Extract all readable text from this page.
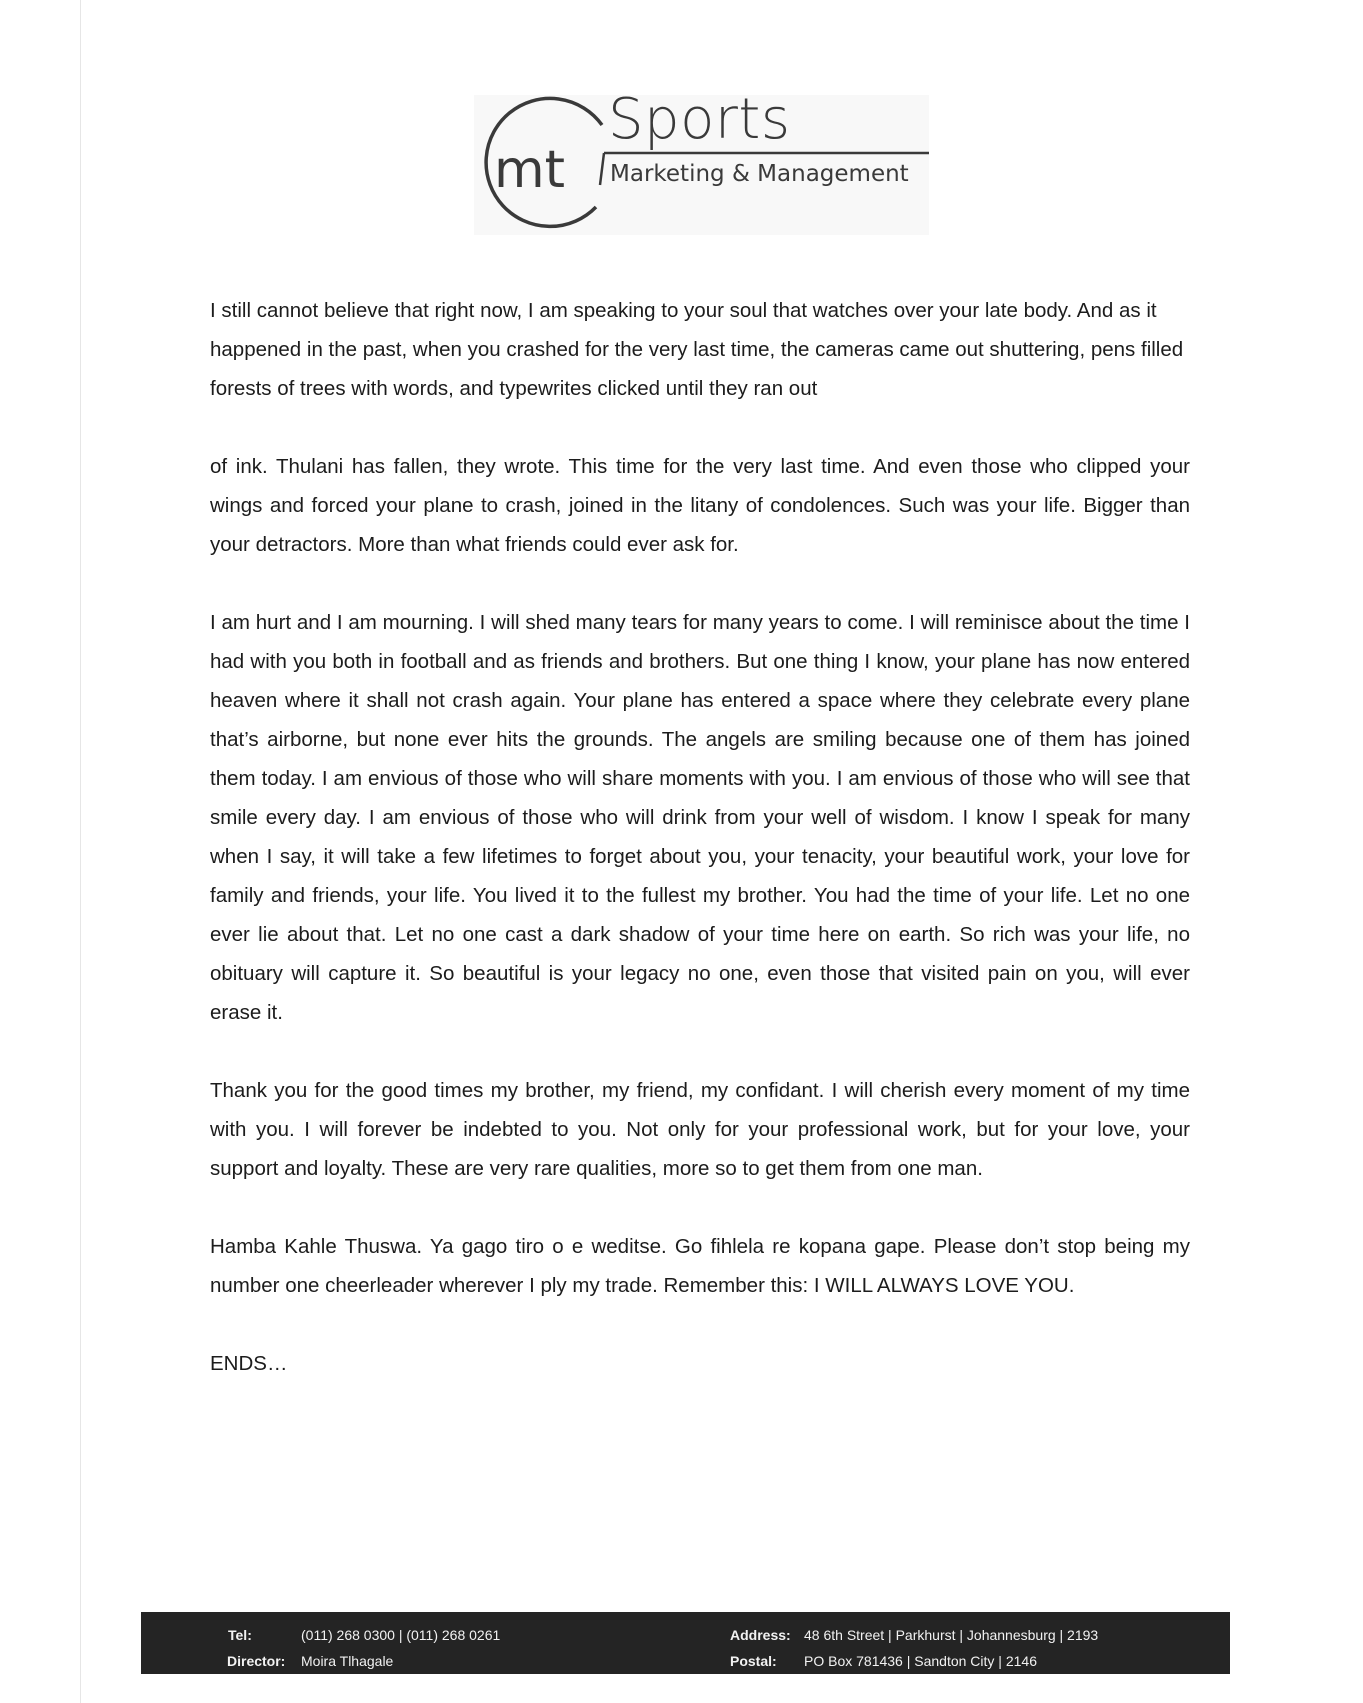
mt
Sports
Marketing & Management

I still cannot believe that right now, I am speaking to your soul that watches over your late body. And as it happened in the past, when you crashed for the very last time, the cameras came out shuttering, pens filled forests of trees with words, and typewrites clicked until they ran out

of ink. Thulani has fallen, they wrote. This time for the very last time. And even those who clipped your wings and forced your plane to crash, joined in the litany of condolences. Such was your life. Bigger than your detractors. More than what friends could ever ask for.

I am hurt and I am mourning. I will shed many tears for many years to come. I will reminisce about the time I had with you both in football and as friends and brothers. But one thing I know, your plane has now entered heaven where it shall not crash again. Your plane has entered a space where they celebrate every plane that’s airborne, but none ever hits the grounds. The angels are smiling because one of them has joined them today. I am envious of those who will share moments with you. I am envious of those who will see that smile every day. I am envious of those who will drink from your well of wisdom. I know I speak for many when I say, it will take a few lifetimes to forget about you, your tenacity, your beautiful work, your love for family and friends, your life. You lived it to the fullest my brother. You had the time of your life. Let no one ever lie about that. Let no one cast a dark shadow of your time here on earth. So rich was your life, no obituary will capture it. So beautiful is your legacy no one, even those that visited pain on you, will ever erase it.

Thank you for the good times my brother, my friend, my confidant. I will cherish every moment of my time with you. I will forever be indebted to you. Not only for your professional work, but for your love, your support and loyalty. These are very rare qualities, more so to get them from one man.

Hamba Kahle Thuswa. Ya gago tiro o e weditse. Go fihlela re kopana gape. Please don’t stop being my number one cheerleader wherever I ply my trade. Remember this: I WILL ALWAYS LOVE YOU.

ENDS…

Tel:	(011) 268 0300 | (011) 268 0261
Director: Moira Tlhagale
Address: 48 6th Street | Parkhurst | Johannesburg | 2193
Postal: PO Box 781436 | Sandton City | 2146
